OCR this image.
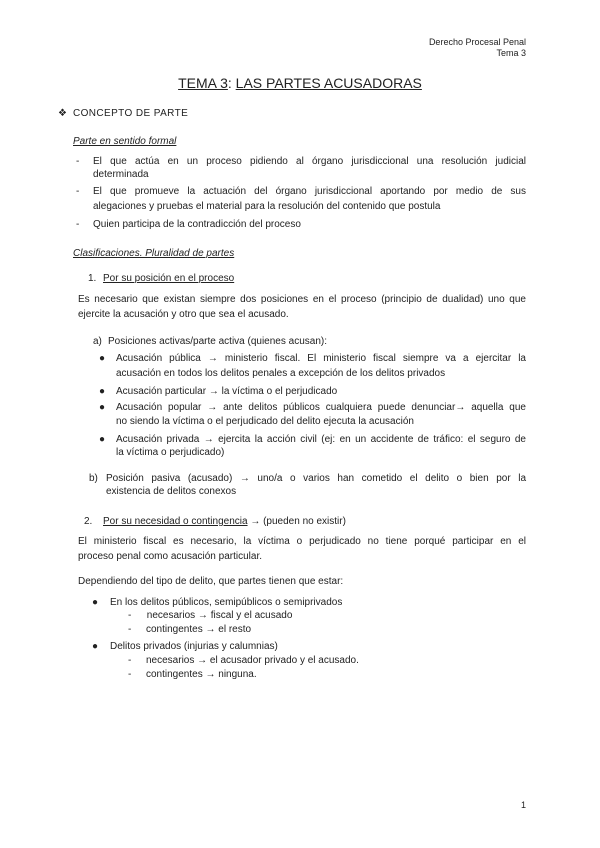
Derecho Procesal Penal
Tema 3
TEMA 3: LAS PARTES ACUSADORAS
❖ CONCEPTO DE PARTE
Parte en sentido formal
- El que actúa en un proceso pidiendo al órgano jurisdiccional una resolución judicial
determinada
- El que promueve la actuación del órgano jurisdiccional aportando por medio de sus
alegaciones y pruebas el material para la resolución del contenido que postula
- Quien participa de la contradicción del proceso
Clasificaciones. Pluralidad de partes
1. Por su posición en el proceso
Es necesario que existan siempre dos posiciones en el proceso (principio de dualidad) uno que
ejercite la acusación y otro que sea el acusado.
a) Posiciones activas/parte activa (quienes acusan):
● Acusación pública → ministerio fiscal. El ministerio fiscal siempre va a ejercitar la
acusación en todos los delitos penales a excepción de los delitos privados
● Acusación particular → la víctima o el perjudicado
● Acusación popular → ante delitos públicos cualquiera puede denunciar→ aquella que
no siendo la víctima o el perjudicado del delito ejecuta la acusación
● Acusación privada → ejercita la acción civil (ej: en un accidente de tráfico: el seguro de
la víctima o perjudicado)
b) Posición pasiva (acusado) → uno/a o varios han cometido el delito o bien por la
existencia de delitos conexos
2. Por su necesidad o contingencia → (pueden no existir)
El ministerio fiscal es necesario, la víctima o perjudicado no tiene porqué participar en el
proceso penal como acusación particular.
Dependiendo del tipo de delito, que partes tienen que estar:
● En los delitos públicos, semipúblicos o semiprivados
- necesarios → fiscal y el acusado
- contingentes → el resto
● Delitos privados (injurias y calumnias)
- necesarios → el acusador privado y el acusado.
- contingentes → ninguna.
1
